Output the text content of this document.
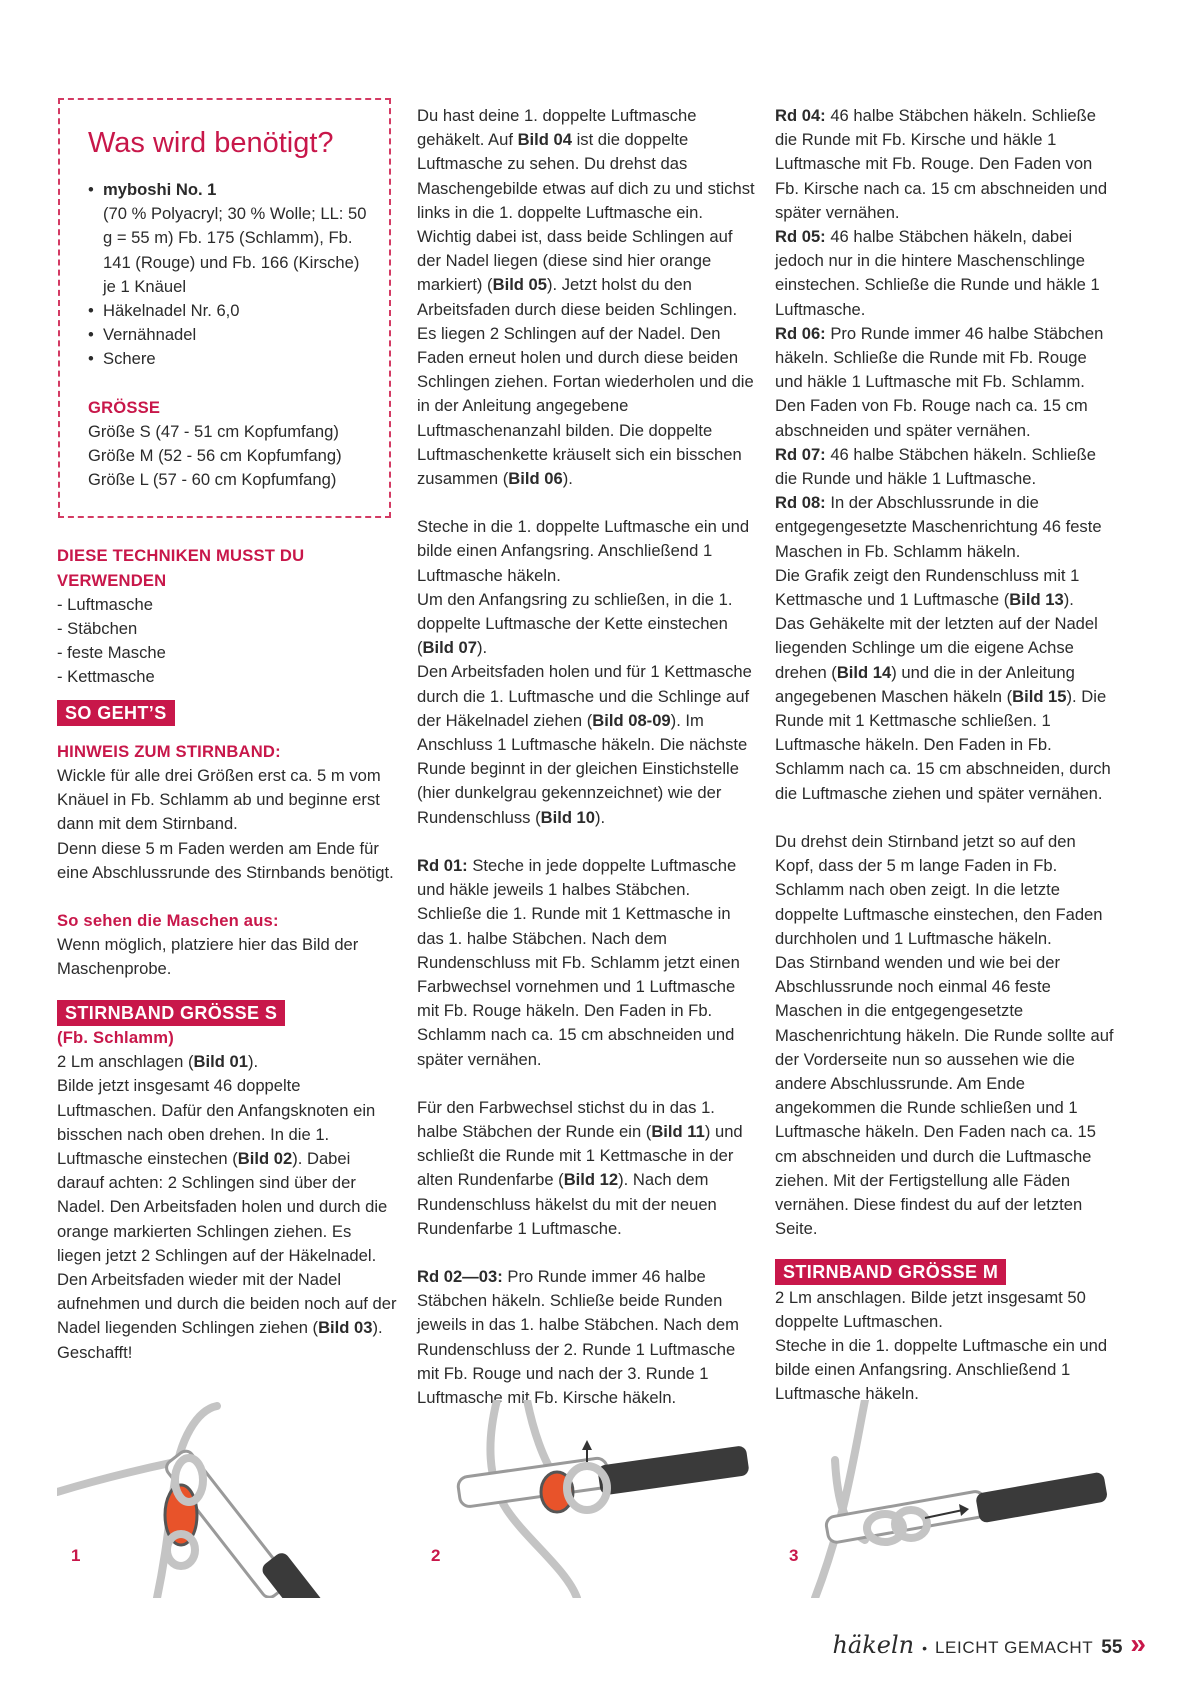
Was wird benötigt?

• myboshi No. 1
(70 % Polyacryl; 30 % Wolle; LL: 50 g = 55 m) Fb. 175 (Schlamm), Fb. 141 (Rouge) und Fb. 166 (Kirsche) je 1 Knäuel
• Häkelnadel Nr. 6,0
• Vernähnadel
• Schere

GRÖSSE

Größe S (47 - 51 cm Kopfumfang)

Größe M (52 - 56 cm Kopfumfang)

Größe L (57 - 60 cm Kopfumfang)

DIESE TECHNIKEN MUSST DU VERWENDEN

- Luftmasche

- Stäbchen

- feste Masche

- Kettmasche

SO GEHT’S

HINWEIS ZUM STIRNBAND:

Wickle für alle drei Größen erst ca. 5 m vom Knäuel in Fb. Schlamm ab und beginne erst dann mit dem Stirnband.

Denn diese 5 m Faden werden am Ende für eine Abschlussrunde des Stirnbands benötigt.

So sehen die Maschen aus:

Wenn möglich, platziere hier das Bild der Maschenprobe.

STIRNBAND GRÖSSE S

(Fb. Schlamm)

2 Lm anschlagen (Bild 01).

Bilde jetzt insgesamt 46 doppelte Luftmaschen. Dafür den Anfangsknoten ein bisschen nach oben drehen. In die 1. Luftmasche einstechen (Bild 02). Dabei darauf achten: 2 Schlingen sind über der Nadel. Den Arbeitsfaden holen und durch die orange markierten Schlingen ziehen. Es liegen jetzt 2 Schlingen auf der Häkelnadel. Den Arbeitsfaden wieder mit der Nadel aufnehmen und durch die beiden noch auf der Nadel liegenden Schlingen ziehen (Bild 03). Geschafft!

Du hast deine 1. doppelte Luftmasche gehäkelt. Auf Bild 04 ist die doppelte Luftmasche zu sehen. Du drehst das Maschengebilde etwas auf dich zu und stichst links in die 1. doppelte Luftmasche ein. Wichtig dabei ist, dass beide Schlingen auf der Nadel liegen (diese sind hier orange markiert) (Bild 05). Jetzt holst du den Arbeitsfaden durch diese beiden Schlingen. Es liegen 2 Schlingen auf der Nadel. Den Faden erneut holen und durch diese beiden Schlingen ziehen. Fortan wiederholen und die in der Anleitung angegebene Luftmaschenanzahl bilden. Die doppelte Luftmaschenkette kräuselt sich ein bisschen zusammen (Bild 06).

Steche in die 1. doppelte Luftmasche ein und bilde einen Anfangsring. Anschließend 1 Luftmasche häkeln.

Um den Anfangsring zu schließen, in die 1. doppelte Luftmasche der Kette einstechen (Bild 07).

Den Arbeitsfaden holen und für 1 Kettmasche durch die 1. Luftmasche und die Schlinge auf der Häkelnadel ziehen (Bild 08-09). Im Anschluss 1 Luftmasche häkeln. Die nächste Runde beginnt in der gleichen Einstichstelle (hier dunkelgrau gekennzeichnet) wie der Rundenschluss (Bild 10).

Rd 01: Steche in jede doppelte Luftmasche und häkle jeweils 1 halbes Stäbchen. Schließe die 1. Runde mit 1 Kettmasche in das 1. halbe Stäbchen. Nach dem Rundenschluss mit Fb. Schlamm jetzt einen Farbwechsel vornehmen und 1 Luftmasche mit Fb. Rouge häkeln. Den Faden in Fb. Schlamm nach ca. 15 cm abschneiden und später vernähen.

Für den Farbwechsel stichst du in das 1. halbe Stäbchen der Runde ein (Bild 11) und schließt die Runde mit 1 Kettmasche in der alten Rundenfarbe (Bild 12). Nach dem Rundenschluss häkelst du mit der neuen Rundenfarbe 1 Luftmasche.

Rd 02—03: Pro Runde immer 46 halbe Stäbchen häkeln. Schließe beide Runden jeweils in das 1. halbe Stäbchen. Nach dem Rundenschluss der 2. Runde 1 Luftmasche mit Fb. Rouge und nach der 3. Runde 1 Luftmasche mit Fb. Kirsche häkeln.

Rd 04: 46 halbe Stäbchen häkeln. Schließe die Runde mit Fb. Kirsche und häkle 1 Luftmasche mit Fb. Rouge. Den Faden von Fb. Kirsche nach ca. 15 cm abschneiden und später vernähen.

Rd 05: 46 halbe Stäbchen häkeln, dabei jedoch nur in die hintere Maschenschlinge einstechen. Schließe die Runde und häkle 1 Luftmasche.

Rd 06: Pro Runde immer 46 halbe Stäbchen häkeln. Schließe die Runde mit Fb. Rouge und häkle 1 Luftmasche mit Fb. Schlamm. Den Faden von Fb. Rouge nach ca. 15 cm abschneiden und später vernähen.

Rd 07: 46 halbe Stäbchen häkeln. Schließe die Runde und häkle 1 Luftmasche.

Rd 08: In der Abschlussrunde in die entgegengesetzte Maschenrichtung 46 feste Maschen in Fb. Schlamm häkeln.

Die Grafik zeigt den Rundenschluss mit 1 Kettmasche und 1 Luftmasche (Bild 13).

Das Gehäkelte mit der letzten auf der Nadel liegenden Schlinge um die eigene Achse drehen (Bild 14) und die in der Anleitung angegebenen Maschen häkeln (Bild 15). Die Runde mit 1 Kettmasche schließen. 1 Luftmasche häkeln. Den Faden in Fb. Schlamm nach ca. 15 cm abschneiden, durch die Luftmasche ziehen und später vernähen.

Du drehst dein Stirnband jetzt so auf den Kopf, dass der 5 m lange Faden in Fb. Schlamm nach oben zeigt. In die letzte doppelte Luftmasche einstechen, den Faden durchholen und 1 Luftmasche häkeln.

Das Stirnband wenden und wie bei der Abschlussrunde noch einmal 46 feste Maschen in die entgegengesetzte Maschenrichtung häkeln. Die Runde sollte auf der Vorderseite nun so aussehen wie die andere Abschlussrunde. Am Ende angekommen die Runde schließen und 1 Luftmasche häkeln. Den Faden nach ca. 15 cm abschneiden und durch die Luftmasche ziehen. Mit der Fertigstellung alle Fäden vernähen. Diese findest du auf der letzten Seite.

STIRNBAND GRÖSSE M

2 Lm anschlagen. Bilde jetzt insgesamt 50 doppelte Luftmaschen.

Steche in die 1. doppelte Luftmasche ein und bilde einen Anfangsring. Anschließend 1 Luftmasche häkeln.

1	2	3
häkeln • LEICHT GEMACHT 55 »
